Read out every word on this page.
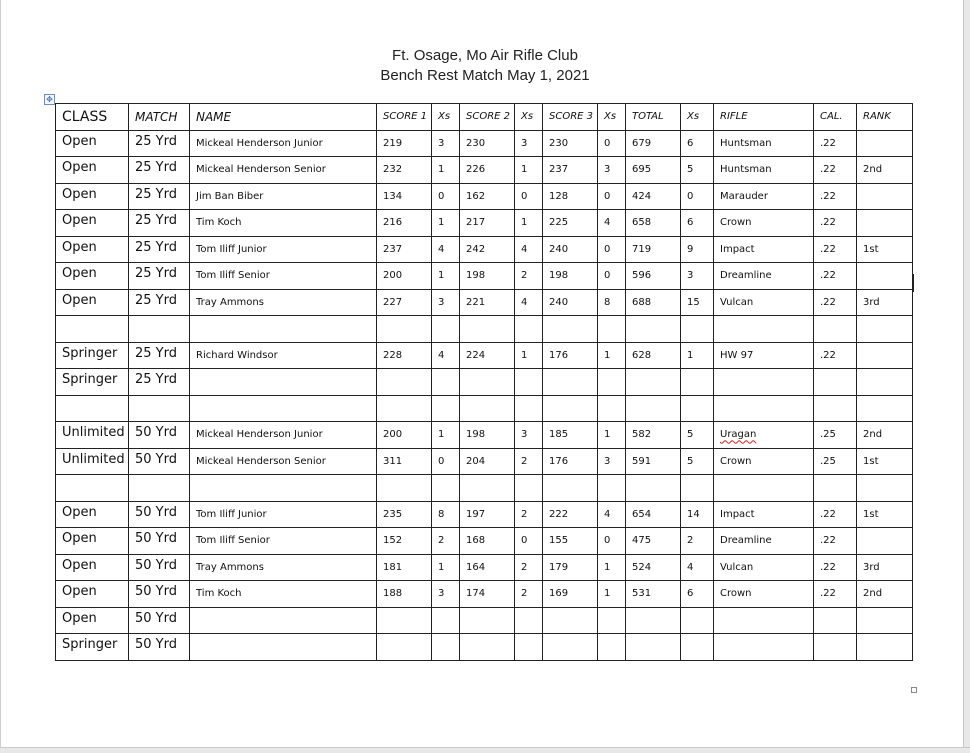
Ft. Osage, Mo Air Rifle Club
Bench Rest Match May 1, 2021
✥
CLASS	MATCH	NAME	SCORE 1	Xs	SCORE 2	Xs	SCORE 3	Xs	TOTAL	Xs	RIFLE	CAL.	RANK
Open	25 Yrd	Mickeal Henderson Junior	219	3	230	3	230	0	679	6	Huntsman	.22	
Open	25 Yrd	Mickeal Henderson Senior	232	1	226	1	237	3	695	5	Huntsman	.22	2nd
Open	25 Yrd	Jim Ban Biber	134	0	162	0	128	0	424	0	Marauder	.22	
Open	25 Yrd	Tim Koch	216	1	217	1	225	4	658	6	Crown	.22	
Open	25 Yrd	Tom Iliff Junior	237	4	242	4	240	0	719	9	Impact	.22	1st
Open	25 Yrd	Tom Iliff Senior	200	1	198	2	198	0	596	3	Dreamline	.22	
Open	25 Yrd	Tray Ammons	227	3	221	4	240	8	688	15	Vulcan	.22	3rd

Springer	25 Yrd	Richard Windsor	228	4	224	1	176	1	628	1	HW 97	.22	
Springer	25 Yrd												

Unlimited	50 Yrd	Mickeal Henderson Junior	200	1	198	3	185	1	582	5	Uragan	.25	2nd
Unlimited	50 Yrd	Mickeal Henderson Senior	311	0	204	2	176	3	591	5	Crown	.25	1st

Open	50 Yrd	Tom Iliff Junior	235	8	197	2	222	4	654	14	Impact	.22	1st
Open	50 Yrd	Tom Iliff Senior	152	2	168	0	155	0	475	2	Dreamline	.22	
Open	50 Yrd	Tray Ammons	181	1	164	2	179	1	524	4	Vulcan	.22	3rd
Open	50 Yrd	Tim Koch	188	3	174	2	169	1	531	6	Crown	.22	2nd
Open	50 Yrd												
Springer	50 Yrd												
